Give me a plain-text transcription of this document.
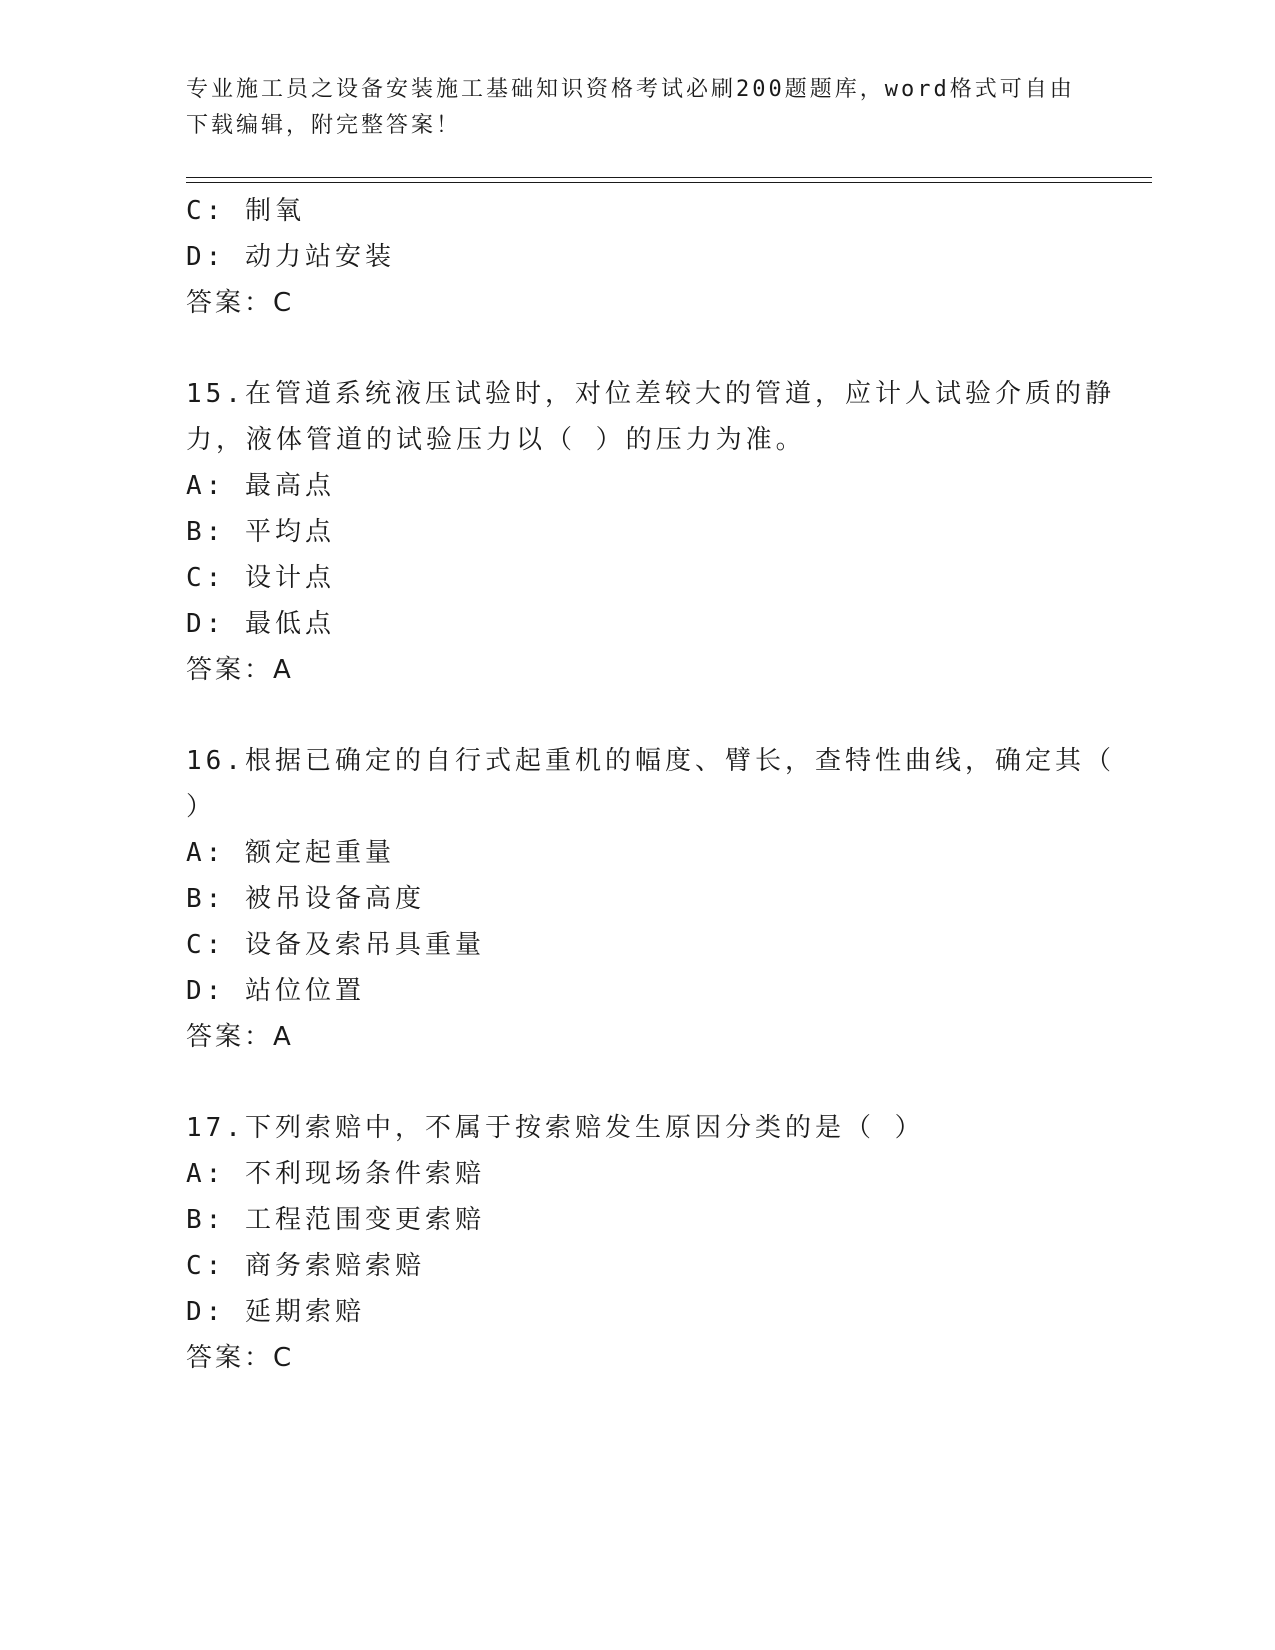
专业施工员之设备安装施工基础知识资格考试必刷200题题库，word格式可自由
下载编辑，附完整答案！
C: 制氧
D: 动力站安装
答案：C
15.在管道系统液压试验时，对位差较大的管道，应计人试验介质的静
力，液体管道的试验压力以（ ）的压力为准。
A: 最高点
B: 平均点
C: 设计点
D: 最低点
答案：A
16.根据已确定的自行式起重机的幅度、臂长，查特性曲线，确定其（
）
A: 额定起重量
B: 被吊设备高度
C: 设备及索吊具重量
D: 站位位置
答案：A
17.下列索赔中，不属于按索赔发生原因分类的是（ ）
A: 不利现场条件索赔
B: 工程范围变更索赔
C: 商务索赔索赔
D: 延期索赔
答案：C
